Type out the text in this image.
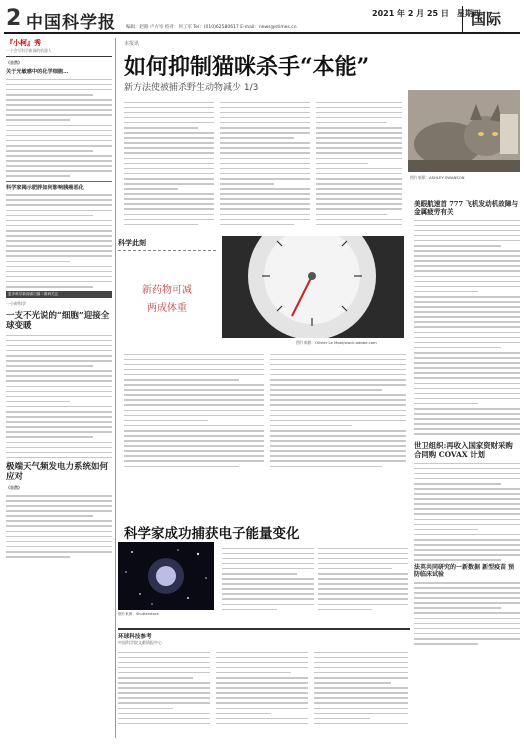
2 中国科学报	2021 年 2 月 25 日　星期四
编辑：赵路 卢方岑 校对：何工军 Tel：(010)62580617 E-mail：news@stimes.cn	国际
『小柯』秀
一个会写科学新闻的机器人
《自然》
关于光敏感中的化学细胞…
科学家揭示肥胖如何影响胰癌恶化
更多科学新闻请扫描二维码关注
一小时科学
一支不光说的“细胞”迎接全球变暖
极端天气频发电力系统如何应对
《自然》
本报讯
如何抑制猫咪杀手“本能”
新方法使被捕杀野生动物减少 1/3
图片来源：ASHLEY SWANSON
科学此刻
新药物可减
两成体重
图片来源：Olivier Le Moal/stock.adobe.com
美眼航速首 777 飞机发动机故障与金属疲劳有关
世卫组织:再收入国家资财采购合同购 COVAX 计划
法英共同研究的一新数据 新型疫苗 预防临床试验
科学家成功捕获电子能量变化
图片来源：Shutterstock
环球科技参考
中国科学院文献情报中心
